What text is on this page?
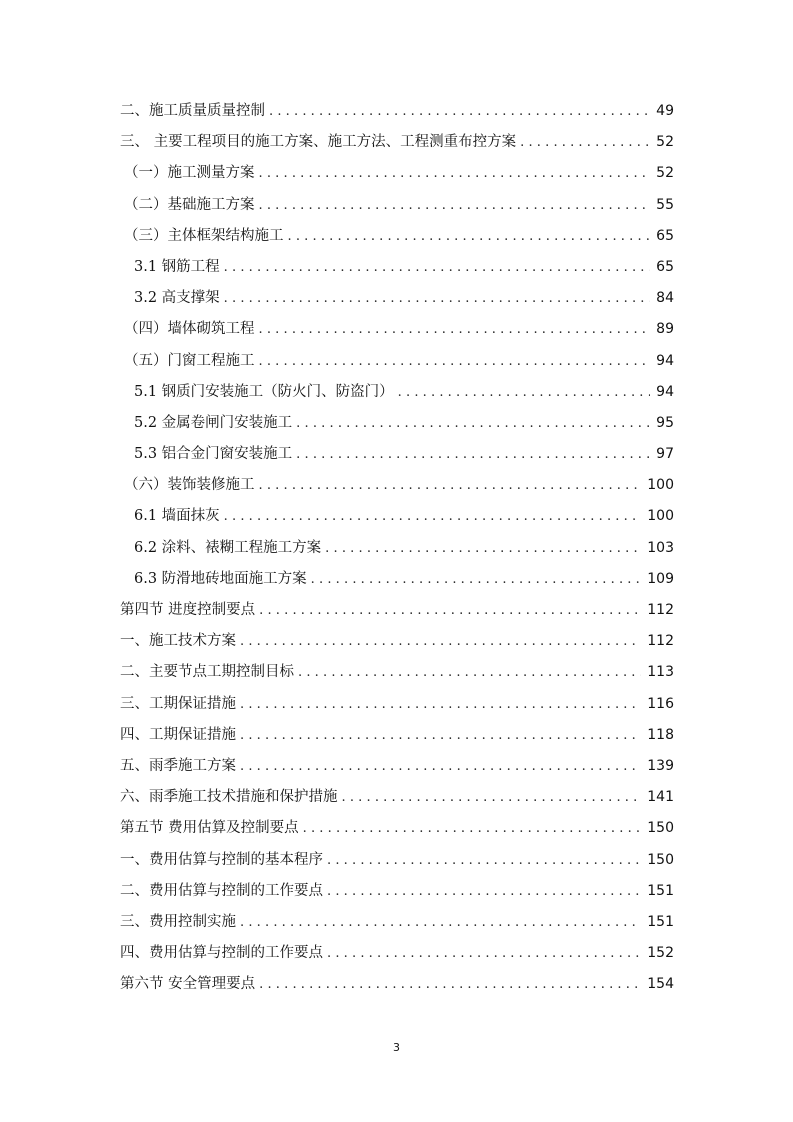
二、施工质量质量控制 .....	49
三、 主要工程项目的施工方案、施工方法、工程测重布控方案 .....	52
（一）施工测量方案 .....	52
（二）基础施工方案 .....	55
（三）主体框架结构施工 .....	65
3.1 钢筋工程 .....	65
3.2 高支撑架 .....	84
（四）墙体砌筑工程 .....	89
（五）门窗工程施工 .....	94
5.1 钢质门安装施工（防火门、防盗门） .....	94
5.2 金属卷闸门安装施工 .....	95
5.3 铝合金门窗安装施工 .....	97
（六）装饰装修施工 .....	100
6.1 墙面抹灰 .....	100
6.2 涂料、裱糊工程施工方案 .....	103
6.3 防滑地砖地面施工方案 .....	109
第四节 进度控制要点 .....	112
一、施工技术方案 .....	112
二、主要节点工期控制目标 .....	113
三、工期保证措施 .....	116
四、工期保证措施 .....	118
五、雨季施工方案 .....	139
六、雨季施工技术措施和保护措施 .....	141
第五节 费用估算及控制要点 .....	150
一、费用估算与控制的基本程序 .....	150
二、费用估算与控制的工作要点 .....	151
三、费用控制实施 .....	151
四、费用估算与控制的工作要点 .....	152
第六节 安全管理要点 .....	154
3
